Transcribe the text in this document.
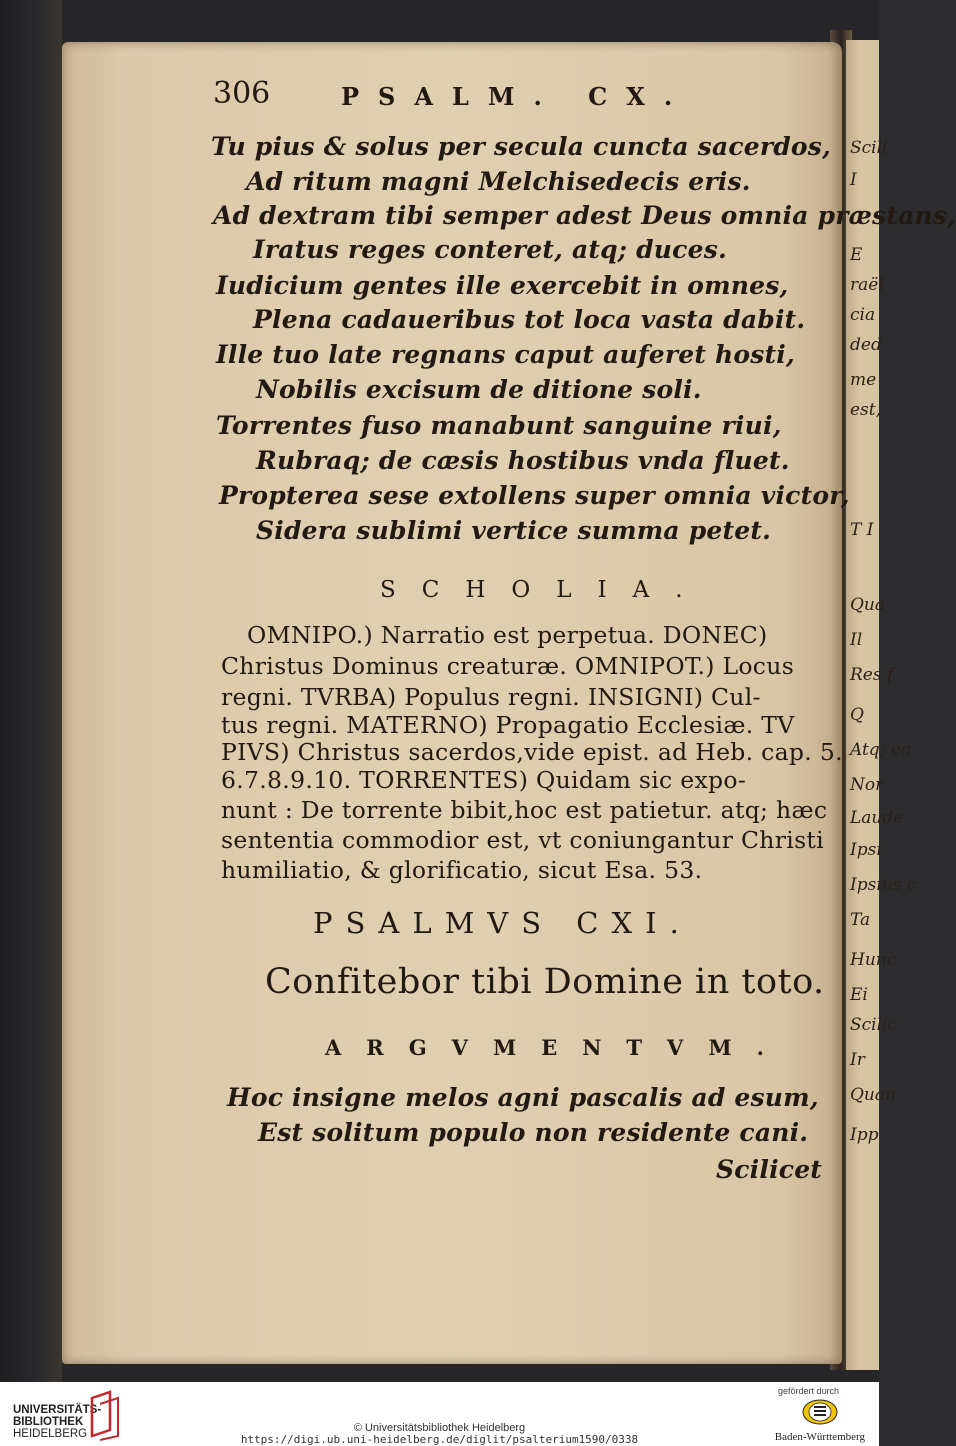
Scili
I
E
raël
cia
ded
me
est,
T I
Qua
Il
Res f
Q
Atq; ea
Nor
Laude
Ipsi
Ipsius c
Ta
Hunc
Ei
Scilic
Ir
Quan
Ipp
306	PSALM. CX.
Tu pius & solus per secula cuncta sacerdos,
Ad ritum magni Melchisedecis eris.
Ad dextram tibi semper adest Deus omnia præstans,
Iratus reges conteret, atq; duces.
Iudicium gentes ille exercebit in omnes,
Plena cadaueribus tot loca vasta dabit.
Ille tuo late regnans caput auferet hosti,
Nobilis excisum de ditione soli.
Torrentes fuso manabunt sanguine riui,
Rubraq; de cæsis hostibus vnda fluet.
Propterea sese extollens super omnia victor,
Sidera sublimi vertice summa petet.
SCHOLIA.
OMNIPO.) Narratio est perpetua. DONEC)
Christus Dominus creaturæ. OMNIPOT.) Locus
regni. TVRBA) Populus regni. INSIGNI) Cul-
tus regni. MATERNO) Propagatio Ecclesiæ. TV
PIVS) Christus sacerdos,vide epist. ad Heb. cap. 5.
6.7.8.9.10. TORRENTES) Quidam sic expo-
nunt : De torrente bibit,hoc est patietur. atq; hæc
sententia commodior est, vt coniungantur Christi
humiliatio, & glorificatio, sicut Esa. 53.
PSALMVS CXI.
Confitebor tibi Domine in toto.
ARGVMENTVM.
Hoc insigne melos agni pascalis ad esum,
Est solitum populo non residente cani.
Scilicet
UNIVERSITÄTS-
BIBLIOTHEK
HEIDELBERG	© Universitätsbibliothek Heidelberg
https://digi.ub.uni-heidelberg.de/diglit/psalterium1590/0338
gefördert durch
Baden-Württemberg
